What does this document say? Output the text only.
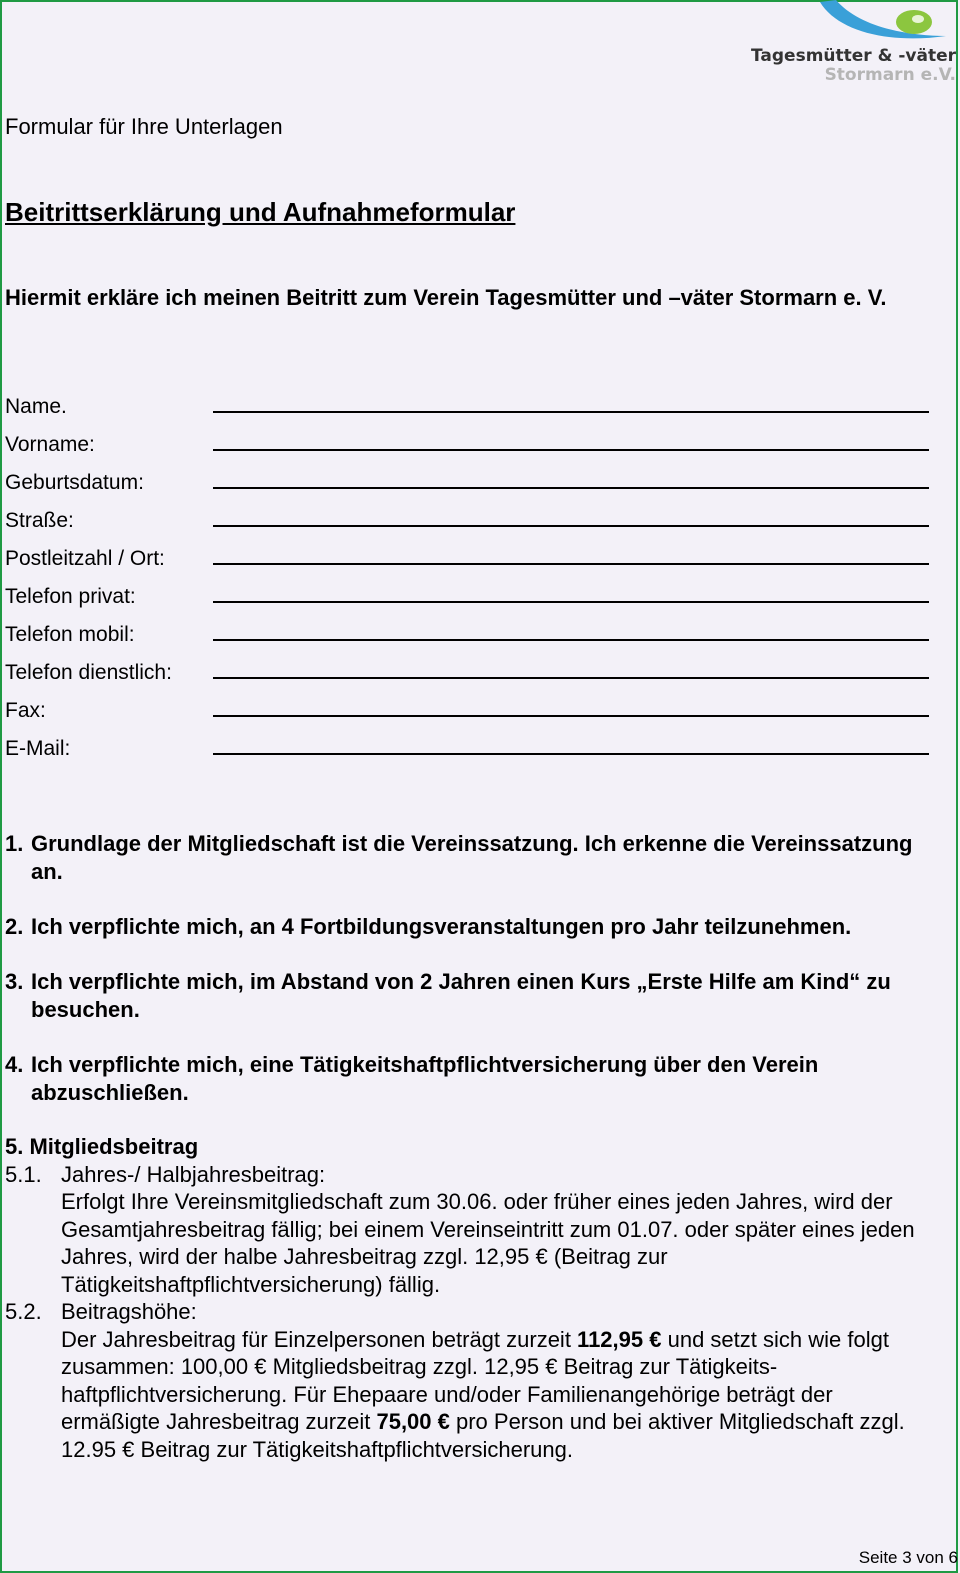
Tagesmütter & -väter
Stormarn e.V.
Formular für Ihre Unterlagen
Beitrittserklärung und Aufnahmeformular
Hiermit erkläre ich meinen Beitritt zum Verein Tagesmütter und –väter Stormarn e. V.
Name.
Vorname:
Geburtsdatum:
Straße:
Postleitzahl / Ort:
Telefon privat:
Telefon mobil:
Telefon dienstlich:
Fax:
E-Mail:
1. Grundlage der Mitgliedschaft ist die Vereinssatzung. Ich erkenne die Vereinssatzung an.
2. Ich verpflichte mich, an 4 Fortbildungsveranstaltungen pro Jahr teilzunehmen.
3. Ich verpflichte mich, im Abstand von 2 Jahren einen Kurs „Erste Hilfe am Kind“ zu besuchen.
4. Ich verpflichte mich, eine Tätigkeitshaftpflichtversicherung über den Verein abzuschließen.
5. Mitgliedsbeitrag
5.1. Jahres-/ Halbjahresbeitrag:
Erfolgt Ihre Vereinsmitgliedschaft zum 30.06. oder früher eines jeden Jahres, wird der Gesamtjahresbeitrag fällig; bei einem Vereinseintritt zum 01.07. oder später eines jeden Jahres, wird der halbe Jahresbeitrag zzgl. 12,95 € (Beitrag zur Tätigkeitshaftpflichtversicherung) fällig.
5.2. Beitragshöhe:
Der Jahresbeitrag für Einzelpersonen beträgt zurzeit 112,95 € und setzt sich wie folgt zusammen: 100,00 € Mitgliedsbeitrag zzgl. 12,95 € Beitrag zur Tätigkeits-haftpflichtversicherung. Für Ehepaare und/oder Familienangehörige beträgt der ermäßigte Jahresbeitrag zurzeit 75,00 € pro Person und bei aktiver Mitgliedschaft zzgl. 12.95 € Beitrag zur Tätigkeitshaftpflichtversicherung.
Seite 3 von 6
